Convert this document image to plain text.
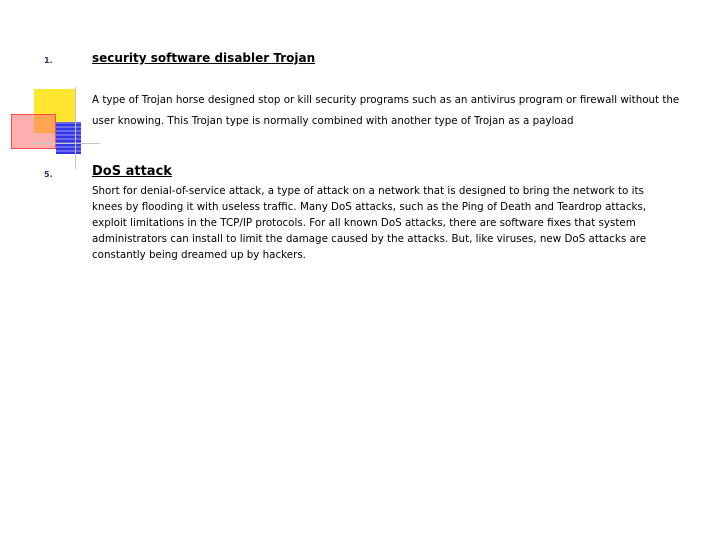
1.	security software disabler Trojan
A type of Trojan horse designed stop or kill security programs such as an antivirus program or firewall without the user knowing. This Trojan type is normally combined with another type of Trojan as a payload
5.	DoS attack
Short for denial-of-service attack, a type of attack on a network that is designed to bring the network to its knees by flooding it with useless traffic. Many DoS attacks, such as the Ping of Death and Teardrop attacks, exploit limitations in the TCP/IP protocols. For all known DoS attacks, there are software fixes that system administrators can install to limit the damage caused by the attacks. But, like viruses, new DoS attacks are constantly being dreamed up by hackers.
